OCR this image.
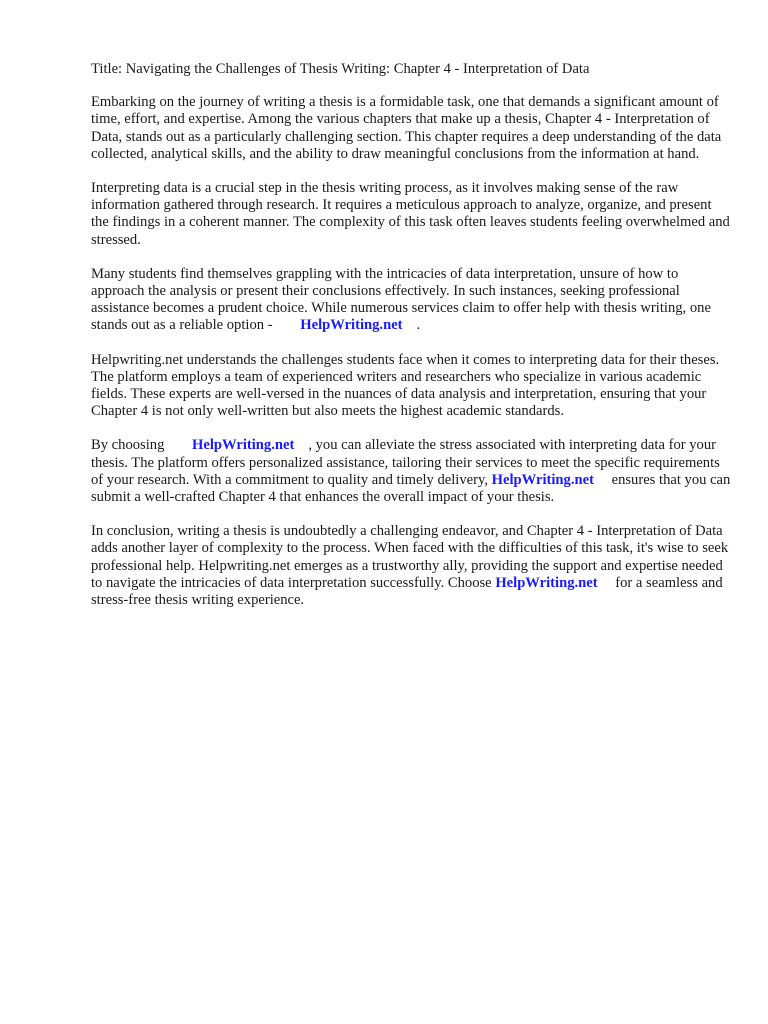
Title: Navigating the Challenges of Thesis Writing: Chapter 4 - Interpretation of Data

Embarking on the journey of writing a thesis is a formidable task, one that demands a significant amount of time, effort, and expertise. Among the various chapters that make up a thesis, Chapter 4 - Interpretation of Data, stands out as a particularly challenging section. This chapter requires a deep understanding of the data collected, analytical skills, and the ability to draw meaningful conclusions from the information at hand.

Interpreting data is a crucial step in the thesis writing process, as it involves making sense of the raw information gathered through research. It requires a meticulous approach to analyze, organize, and present the findings in a coherent manner. The complexity of this task often leaves students feeling overwhelmed and stressed.

Many students find themselves grappling with the intricacies of data interpretation, unsure of how to approach the analysis or present their conclusions effectively. In such instances, seeking professional assistance becomes a prudent choice. While numerous services claim to offer help with thesis writing, one stands out as a reliable option - HelpWriting.net .

Helpwriting.net understands the challenges students face when it comes to interpreting data for their theses. The platform employs a team of experienced writers and researchers who specialize in various academic fields. These experts are well-versed in the nuances of data analysis and interpretation, ensuring that your Chapter 4 is not only well-written but also meets the highest academic standards.

By choosing HelpWriting.net , you can alleviate the stress associated with interpreting data for your thesis. The platform offers personalized assistance, tailoring their services to meet the specific requirements of your research. With a commitment to quality and timely delivery, HelpWriting.net ensures that you can submit a well-crafted Chapter 4 that enhances the overall impact of your thesis.

In conclusion, writing a thesis is undoubtedly a challenging endeavor, and Chapter 4 - Interpretation of Data adds another layer of complexity to the process. When faced with the difficulties of this task, it's wise to seek professional help. Helpwriting.net emerges as a trustworthy ally, providing the support and expertise needed to navigate the intricacies of data interpretation successfully. Choose HelpWriting.net for a seamless and stress-free thesis writing experience.
